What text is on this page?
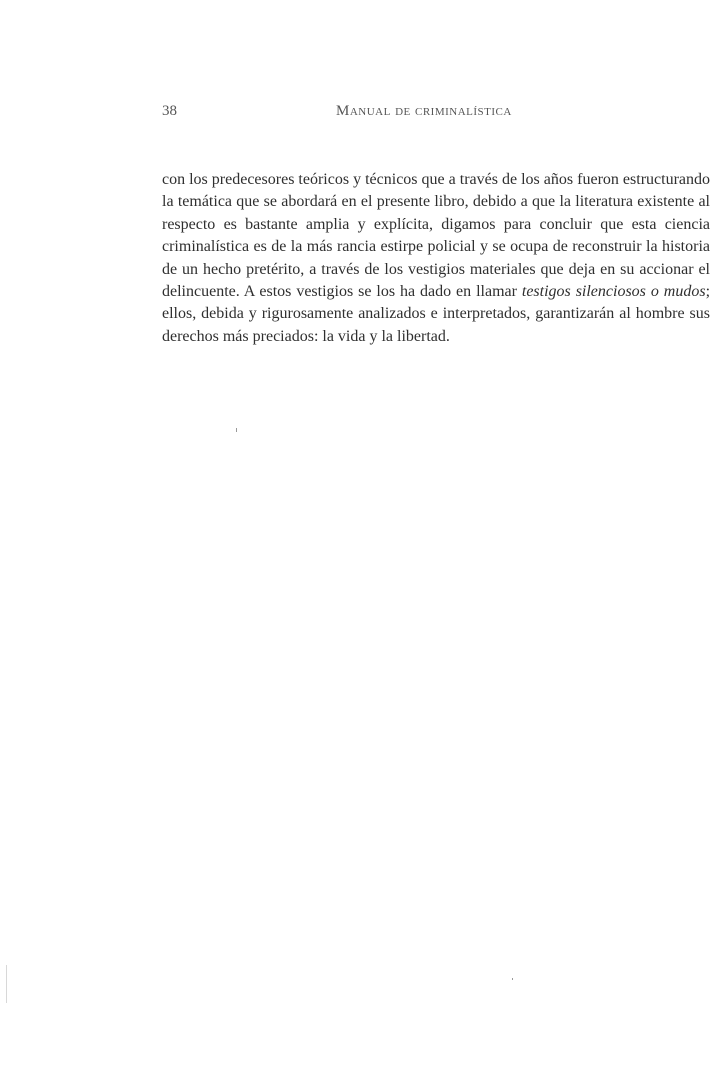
38	Manual de criminalística

con los predecesores teóricos y técnicos que a través de los años fueron estructurando la temática que se abordará en el presente libro, debido a que la literatura existente al respecto es bastante amplia y explícita, digamos para concluir que esta ciencia criminalística es de la más rancia estirpe policial y se ocupa de reconstruir la historia de un hecho pretérito, a través de los vestigios materiales que deja en su accionar el delincuente. A estos vestigios se los ha dado en llamar testigos silenciosos o mudos; ellos, debida y rigurosamente analizados e interpretados, garantizarán al hombre sus derechos más preciados: la vida y la libertad.
